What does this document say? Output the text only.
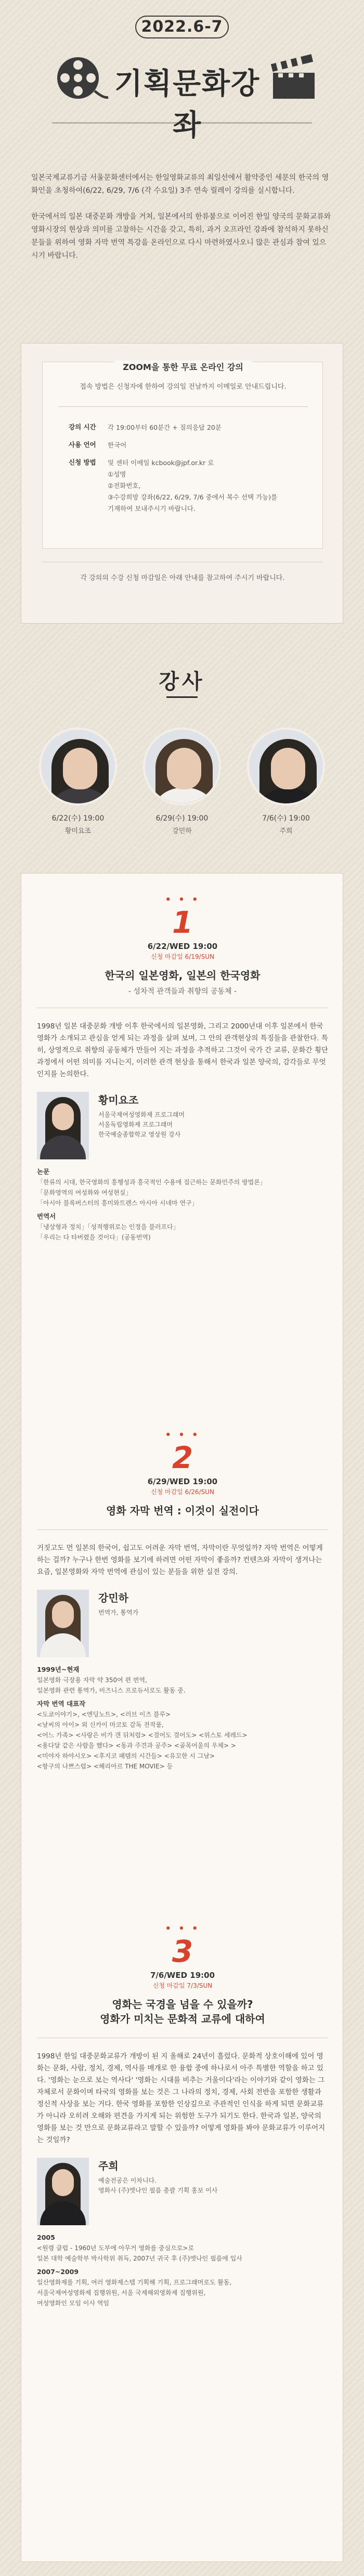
2022.6-7
기획문화강좌

일본국제교류기금 서울문화센터에서는 한일영화교류의 최일선에서 활약중인 세분의 한국의 영화인을 초청하여(6/22, 6/29, 7/6 (각 수요일) 3주 연속 릴레이 강의를 실시합니다.

한국에서의 일본 대중문화 개방을 거쳐, 일본에서의 한류붐으로 이어진 한일 양국의 문화교류와 영화시장의 현상과 의미를 고찰하는 시간을 갖고, 특히, 과거 오프라인 강좌에 참석하지 못하신 분들을 위하여 영화 자막 번역 특강을 온라인으로 다시 마련하였사오니 많은 관심과 참여 있으시기 바랍니다.

ZOOM을 통한 무료 온라인 강의
접속 방법은 신청자에 한하여 강의일 전날까지 이메일로 안내드립니다.
강의 시간	각 19:00부터 60분간 + 질의응답 20분
사용 언어	한국어
신청 방법	및 센터 이메일 kcbook@jpf.or.kr 로
①성명
②전화번호,
③수강희망 강좌(6/22, 6/29, 7/6 중에서 복수 선택 가능)를
기재하여 보내주시기 바랍니다.
각 강의의 수강 신청 마감일은 아래 안내를 참고하여 주시기 바랍니다.
강사
6/22(수) 19:00
황미요조
6/29(수) 19:00
강민하
7/6(수) 19:00
주희
• • •
1
6/22/WED 19:00
신청 마감일 6/19/SUN
한국의 일본영화, 일본의 한국영화
- 성차적 관객들과 취향의 공동체 -
1998년 일본 대중문화 개방 이후 한국에서의 일본영화, 그리고 2000년대 이후 일본에서 한국영화가 소개되고 관심을 얻게 되는 과정을 살펴 보며, 그 안의 관객현상의 특징들을 관찰한다. 특히, 상영적으로 취향의 공동체가 만들어 지는 과정을 추적하고 그것이 국가 간 교류, 문화간 횡단 과정에서 어떤 의미를 지니는지, 이러한 관객 현상을 통해서 한국과 일본 양국의, 감각들로 무엇인지를 논의한다.
황미요조
서울국제여성영화제 프로그래머
서울독립영화제 프로그래머
한국예술종합학교 영상원 강사
논문
「한류의 시대, 한국영화의 흥행성과 흥국적인 수용에 집근하는 문화민주의 방법론」
「문화영역의 여성화와 여성현실」
「아시아 블록버스터의 흥미와트렌스 아시아 시네마 연구」
번역서
「냉상형과 정치」「성적행위로는 인정을 블러프다」
「우리는 다 타버렸을 것이다」(공동번역)
• • •
2
6/29/WED 19:00
신청 마감일 6/26/SUN
영화 자막 번역 : 이것이 실전이다
거짓고도 먼 일본의 한국어, 쉽고도 어려운 자막 번역, 자막이란 무엇일까? 자막 번역은 어떻게 하는 걸까? 누구나 한번 영화를 보기에 하려면 어떤 자막이 좋을까? 컨텐츠와 자막이 생겨나는 요즘, 일본영화와 자막 번역에 관심이 있는 분들을 위한 실전 강의.
강민하
번역가, 통역가
1999년~현재
일본영화 극장용 자막 약 350여 편 번역,
일본영화 관련 통역가, 비즈니스 프로듀서로도 활동 중.
자막 번역 대표작
<도쿄이야기>, <엔딩노트>, <러브 이즈 블루>
<날씨의 아이> 외 신카이 마코토 감독 전작품,
<어느 가족> <사랑은 비가 갠 뒤처럼> <걸어도 걸어도> <위스토 세레드>
<용다달 같은 사람을 했다> <동과 주견과 공주> <골목어울의 우체> >
<미야자 하야시오> <후지코 패템의 시간들> <유꼬한 시 그날>
<항구의 나쁘스럽> <해리아르 THE MOVIE> 등
• • •
3
7/6/WED 19:00
신청 마감일 7/3/SUN
영화는 국경을 넘을 수 있을까?
영화가 미치는 문화적 교류에 대하여
1998년 한일 대중문화교류가 개방이 된 지 올해로 24년이 흘렀다. 문화적 상호이해에 있어 영화는 문화, 사람, 정치, 경제, 역사를 매개로 한 융합 중에 하나로서 아주 특별한 역할을 하고 있다. '영화는 눈으로 보는 역사다' '영화는 시대를 비추는 거울이다'라는 이야기와 같이 영화는 그 자체로서 문화이며 타국의 영화를 보는 것은 그 나라의 정치, 경제, 사회 전반을 포함한 생활과 정신적 사상을 보는 거다. 한국 영화를 포함한 인상깊으로 주관적인 인식을 하게 되면 문화교류가 아니라 오히려 오해와 편견을 가지게 되는 위험한 도구가 되기도 한다. 한국과 일본, 양국의 영화를 보는 것 만으로 문화교류라고 말할 수 있을까? 어떻게 영화를 봐야 문화교류가 이루어지는 것일까?
주희
예술전공은 이차니다.
영화사 (주)엣나인 필름 총괄 기획 홍보 이사
2005
<원령 클럽 - 1960년 도부에 아무거 영화를 중심으로>로
일본 대학 예술학부 박사학위 취득, 2007년 귀국 후 (주)엣나인 필름에 입사
2007~2009
일산영화제를 기획, 여러 영화제스텝 기획해 기획, 프로그래머로도 활동,
서울국제여성영화제 집행위원, 서울 국제해외영화제 집행위원,
여성영화인 모임 이사 역임
